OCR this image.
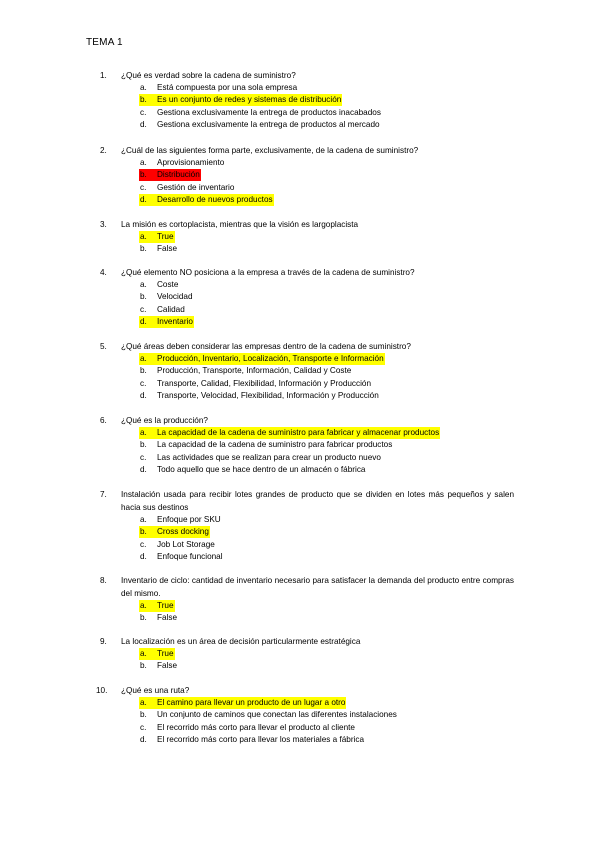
TEMA 1
1.	¿Qué es verdad sobre la cadena de suministro?
a.	Está compuesta por una sola empresa
b.	Es un conjunto de redes y sistemas de distribución
c.	Gestiona exclusivamente la entrega de productos inacabados
d.	Gestiona exclusivamente la entrega de productos al mercado
2.	¿Cuál de las siguientes forma parte, exclusivamente, de la cadena de suministro?
a.	Aprovisionamiento
b.	Distribución
c.	Gestión de inventario
d.	Desarrollo de nuevos productos
3.	La misión es cortoplacista, mientras que la visión es largoplacista
a.	True
b.	False
4.	¿Qué elemento NO posiciona a la empresa a través de la cadena de suministro?
a.	Coste
b.	Velocidad
c.	Calidad
d.	Inventario
5.	¿Qué áreas deben considerar las empresas dentro de la cadena de suministro?
a.	Producción, Inventario, Localización, Transporte e Información
b.	Producción, Transporte, Información, Calidad y Coste
c.	Transporte, Calidad, Flexibilidad, Información y Producción
d.	Transporte, Velocidad, Flexibilidad, Información y Producción
6.	¿Qué es la producción?
a.	La capacidad de la cadena de suministro para fabricar y almacenar productos
b.	La capacidad de la cadena de suministro para fabricar productos
c.	Las actividades que se realizan para crear un producto nuevo
d.	Todo aquello que se hace dentro de un almacén o fábrica
7.	Instalación usada para recibir lotes grandes de producto que se dividen en lotes más pequeños y salen hacia sus destinos
a.	Enfoque por SKU
b.	Cross docking
c.	Job Lot Storage
d.	Enfoque funcional
8.	Inventario de ciclo: cantidad de inventario necesario para satisfacer la demanda del producto entre compras del mismo.
a.	True
b.	False
9.	La localización es un área de decisión particularmente estratégica
a.	True
b.	False
10.	¿Qué es una ruta?
a.	El camino para llevar un producto de un lugar a otro
b.	Un conjunto de caminos que conectan las diferentes instalaciones
c.	El recorrido más corto para llevar el producto al cliente
d.	El recorrido más corto para llevar los materiales a fábrica
